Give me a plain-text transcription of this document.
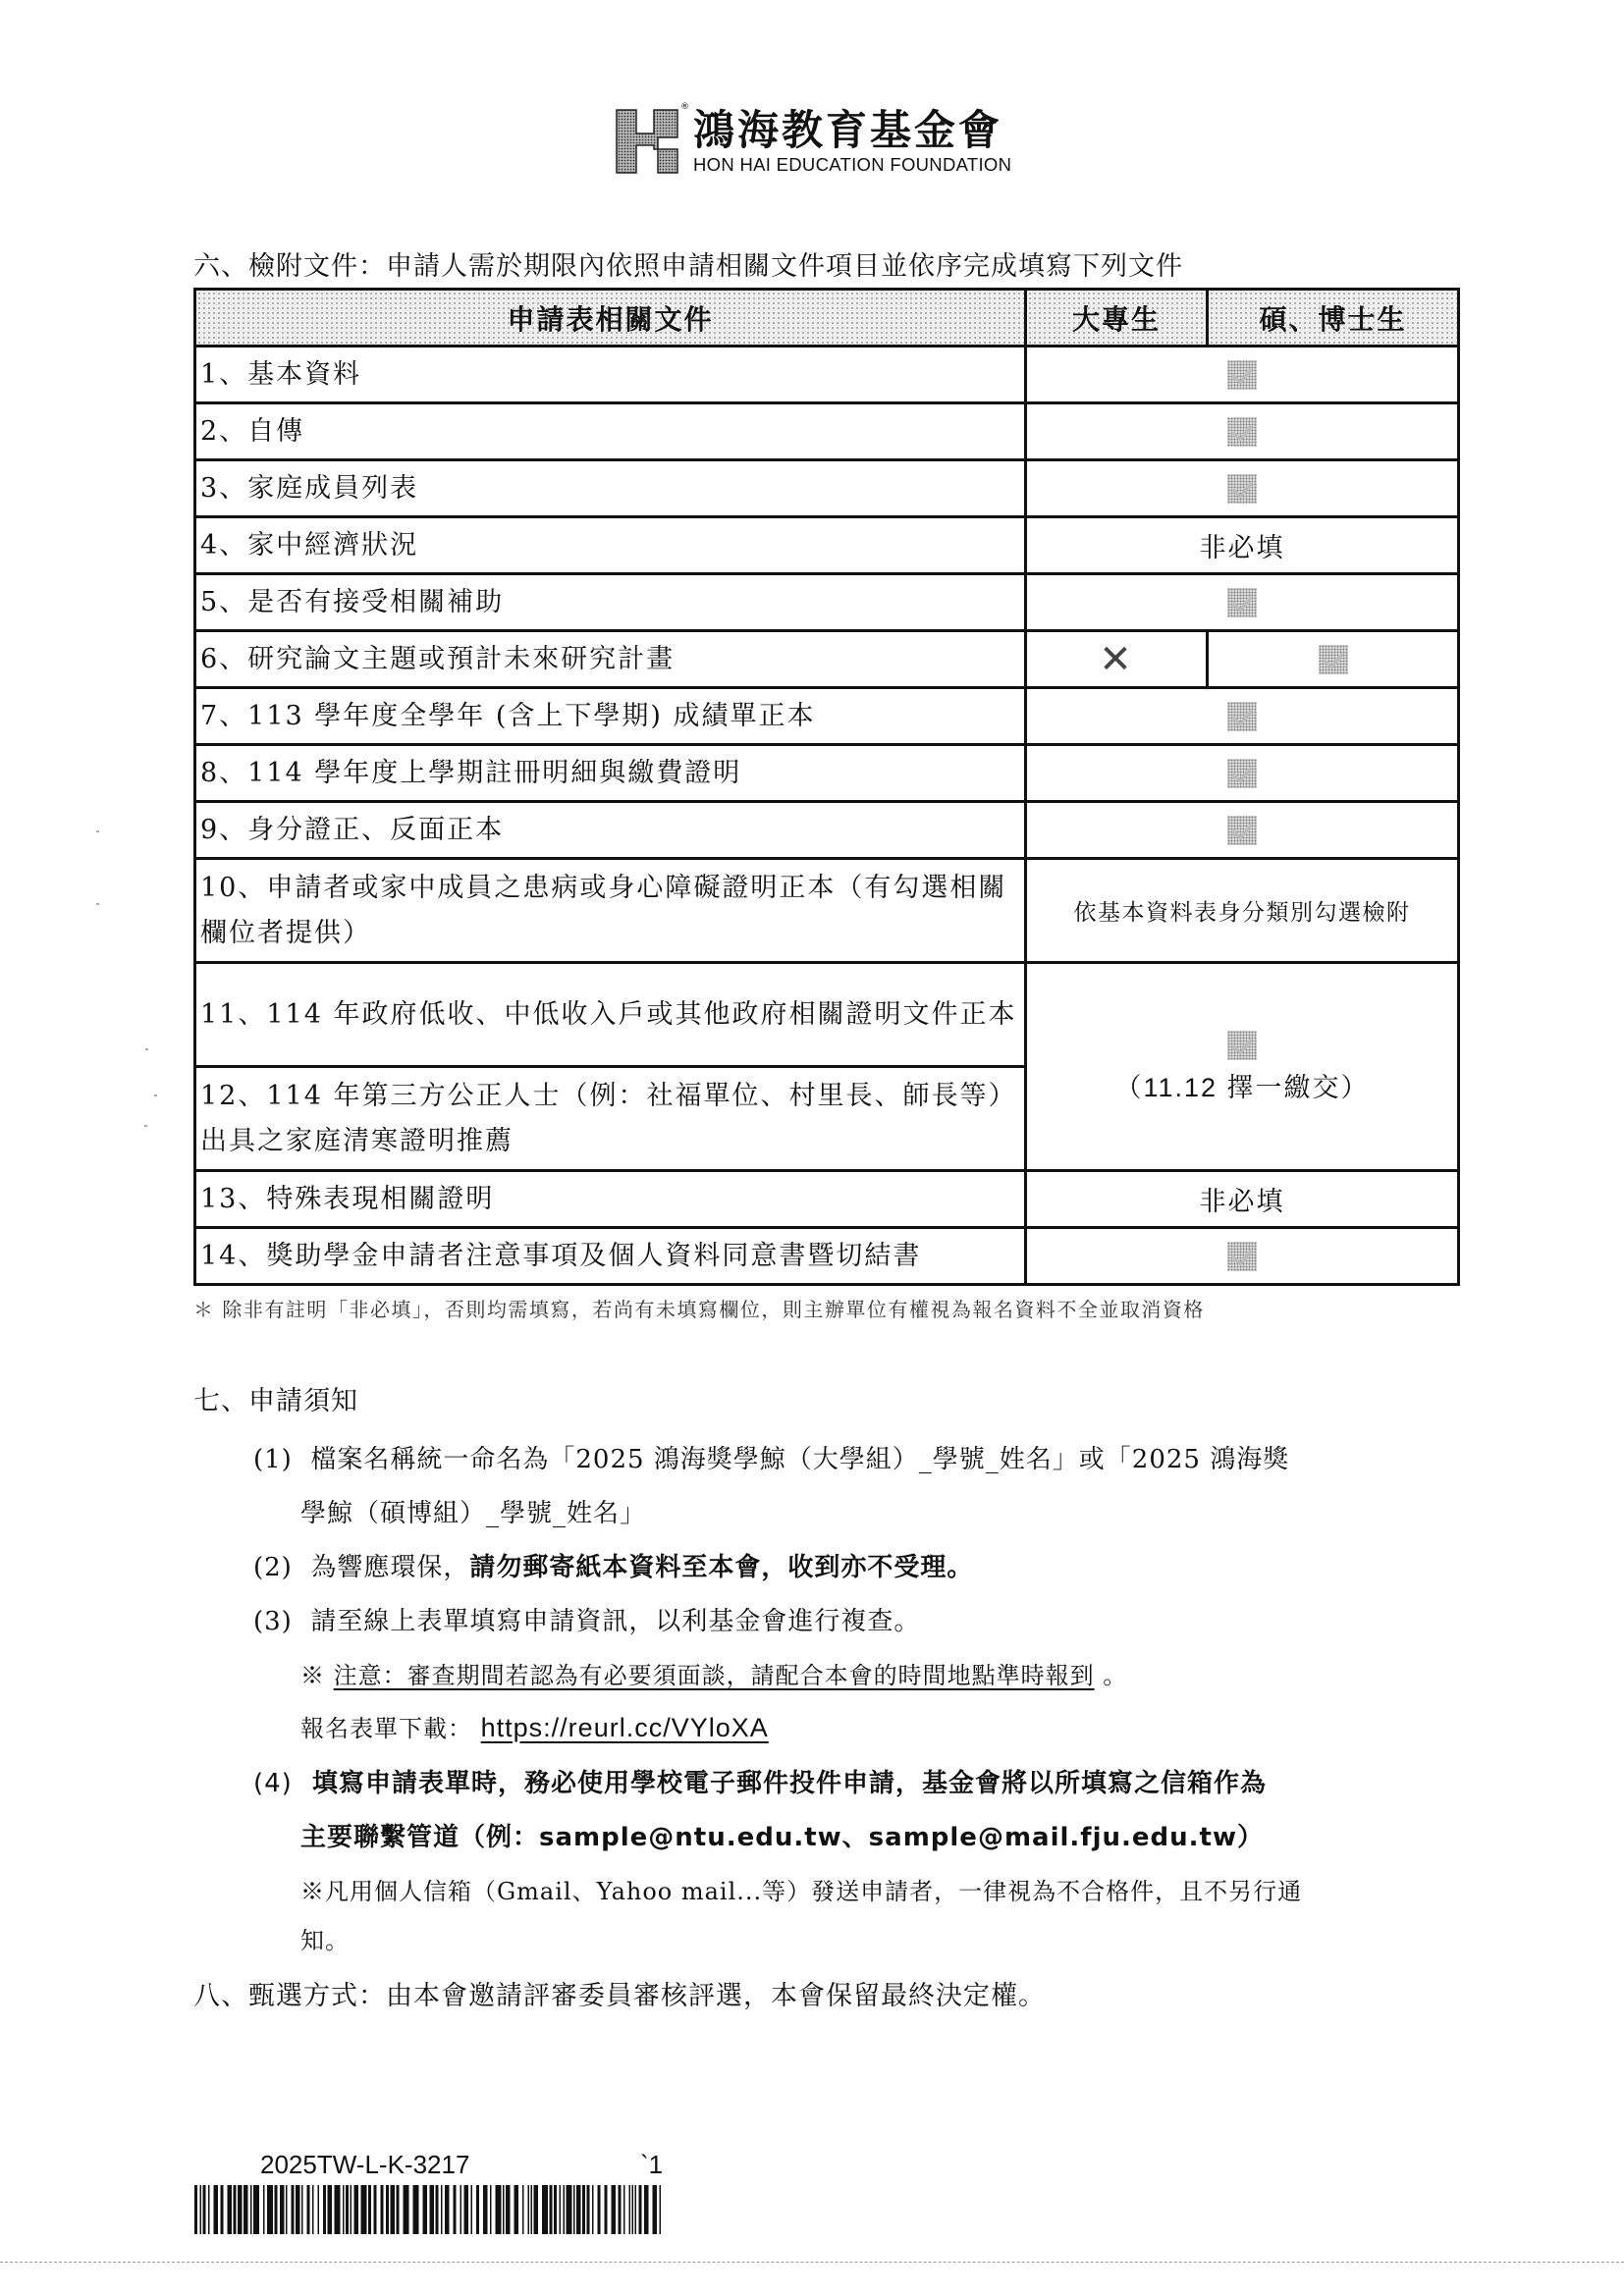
® 鴻海教育基金會
HON HAI EDUCATION FOUNDATION
六、檢附文件：申請人需於期限內依照申請相關文件項目並依序完成填寫下列文件
申請表相關文件	大專生	碩、博士生
1、基本資料		
2、自傳		
3、家庭成員列表		
4、家中經濟狀況	非必填	
5、是否有接受相關補助		
6、研究論文主題或預計未來研究計畫	✕	
7、113 學年度全學年 (含上下學期) 成績單正本		
8、114 學年度上學期註冊明細與繳費證明		
9、身分證正、反面正本		
10、申請者或家中成員之患病或身心障礙證明正本（有勾選相關欄位者提供）	依基本資料表身分類別勾選檢附	
11、114 年政府低收、中低收入戶或其他政府相關證明文件正本	（11.12 擇一繳交）	

12、114 年第三方公正人士（例：社福單位、村里長、師長等）出具之家庭清寒證明推薦		
13、特殊表現相關證明	非必填	
14、獎助學金申請者注意事項及個人資料同意書暨切結書		
＊ 除非有註明「非必填」，否則均需填寫，若尚有未填寫欄位，則主辦單位有權視為報名資料不全並取消資格
七、申請須知
(1) 檔案名稱統一命名為「2025 鴻海獎學鯨（大學組）_學號_姓名」或「2025 鴻海獎
學鯨（碩博組）_學號_姓名」
(2) 為響應環保，請勿郵寄紙本資料至本會，收到亦不受理。
(3) 請至線上表單填寫申請資訊，以利基金會進行複查。
※ 注意：審查期間若認為有必要須面談，請配合本會的時間地點準時報到 。
報名表單下載： https://reurl.cc/VYloXA
(4) 填寫申請表單時，務必使用學校電子郵件投件申請，基金會將以所填寫之信箱作為
主要聯繫管道（例：sample@ntu.edu.tw、sample@mail.fju.edu.tw）
※凡用個人信箱（Gmail、Yahoo mail...等）發送申請者，一律視為不合格件，且不另行通
知。
八、甄選方式：由本會邀請評審委員審核評選，本會保留最終決定權。
2025TW-L-K-3217	`1
